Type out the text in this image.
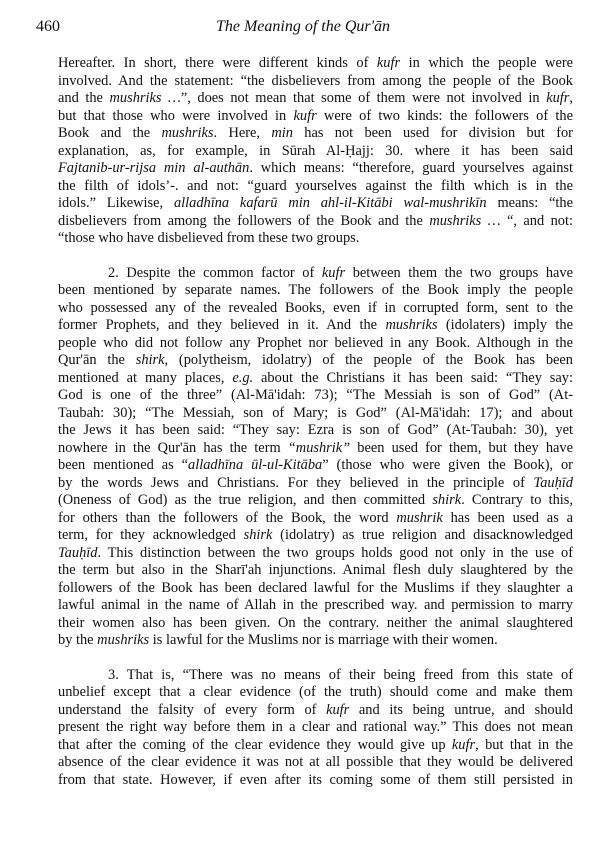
460	The Meaning of the Qur'ān
Hereafter. In short, there were different kinds of kufr in which the people were
involved. And the statement: “the disbelievers from among the people of the Book
and the mushriks …”, does not mean that some of them were not involved in kufr,
but that those who were involved in kufr were of two kinds: the followers of the
Book and the mushriks. Here, min has not been used for division but for
explanation, as, for example, in Sūrah Al-Ḥajj: 30. where it has been said
Fajtanib-ur-rijsa min al-authān. which means: “therefore, guard yourselves against
the filth of idols’-. and not: “guard yourselves against the filth which is in the
idols.” Likewise, alladhīna kafarū min ahl-il-Kitābi wal-mushrikīn means: “the
disbelievers from among the followers of the Book and the mushriks … “, and not:
“those who have disbelieved from these two groups.
2. Despite the common factor of kufr between them the two groups have
been mentioned by separate names. The followers of the Book imply the people
who possessed any of the revealed Books, even if in corrupted form, sent to the
former Prophets, and they believed in it. And the mushriks (idolaters) imply the
people who did not follow any Prophet nor believed in any Book. Although in the
Qur'ān the shirk, (polytheism, idolatry) of the people of the Book has been
mentioned at many places, e.g. about the Christians it has been said: “They say:
God is one of the three” (Al-Mā'idah: 73); “The Messiah is son of God” (At-
Taubah: 30); “The Messiah, son of Mary; is God” (Al-Mā'idah: 17); and about
the Jews it has been said: “They say: Ezra is son of God” (At-Taubah: 30), yet
nowhere in the Qur'ān has the term “mushrik” been used for them, but they have
been mentioned as “alladhīna ūl-ul-Kitāba” (those who were given the Book), or
by the words Jews and Christians. For they believed in the principle of Tauḥīd
(Oneness of God) as the true religion, and then committed shirk. Contrary to this,
for others than the followers of the Book, the word mushrik has been used as a
term, for they acknowledged shirk (idolatry) as true religion and disacknowledged
Tauḥīd. This distinction between the two groups holds good not only in the use of
the term but also in the Sharī'ah injunctions. Animal flesh duly slaughtered by the
followers of the Book has been declared lawful for the Muslims if they slaughter a
lawful animal in the name of Allah in the prescribed way. and permission to marry
their women also has been given. On the contrary. neither the animal slaughtered
by the mushriks is lawful for the Muslims nor is marriage with their women.
3. That is, “There was no means of their being freed from this state of
unbelief except that a clear evidence (of the truth) should come and make them
understand the falsity of every form of kufr and its being untrue, and should
present the right way before them in a clear and rational way.” This does not mean
that after the coming of the clear evidence they would give up kufr, but that in the
absence of the clear evidence it was not at all possible that they would be delivered
from that state. However, if even after its coming some of them still persisted in
